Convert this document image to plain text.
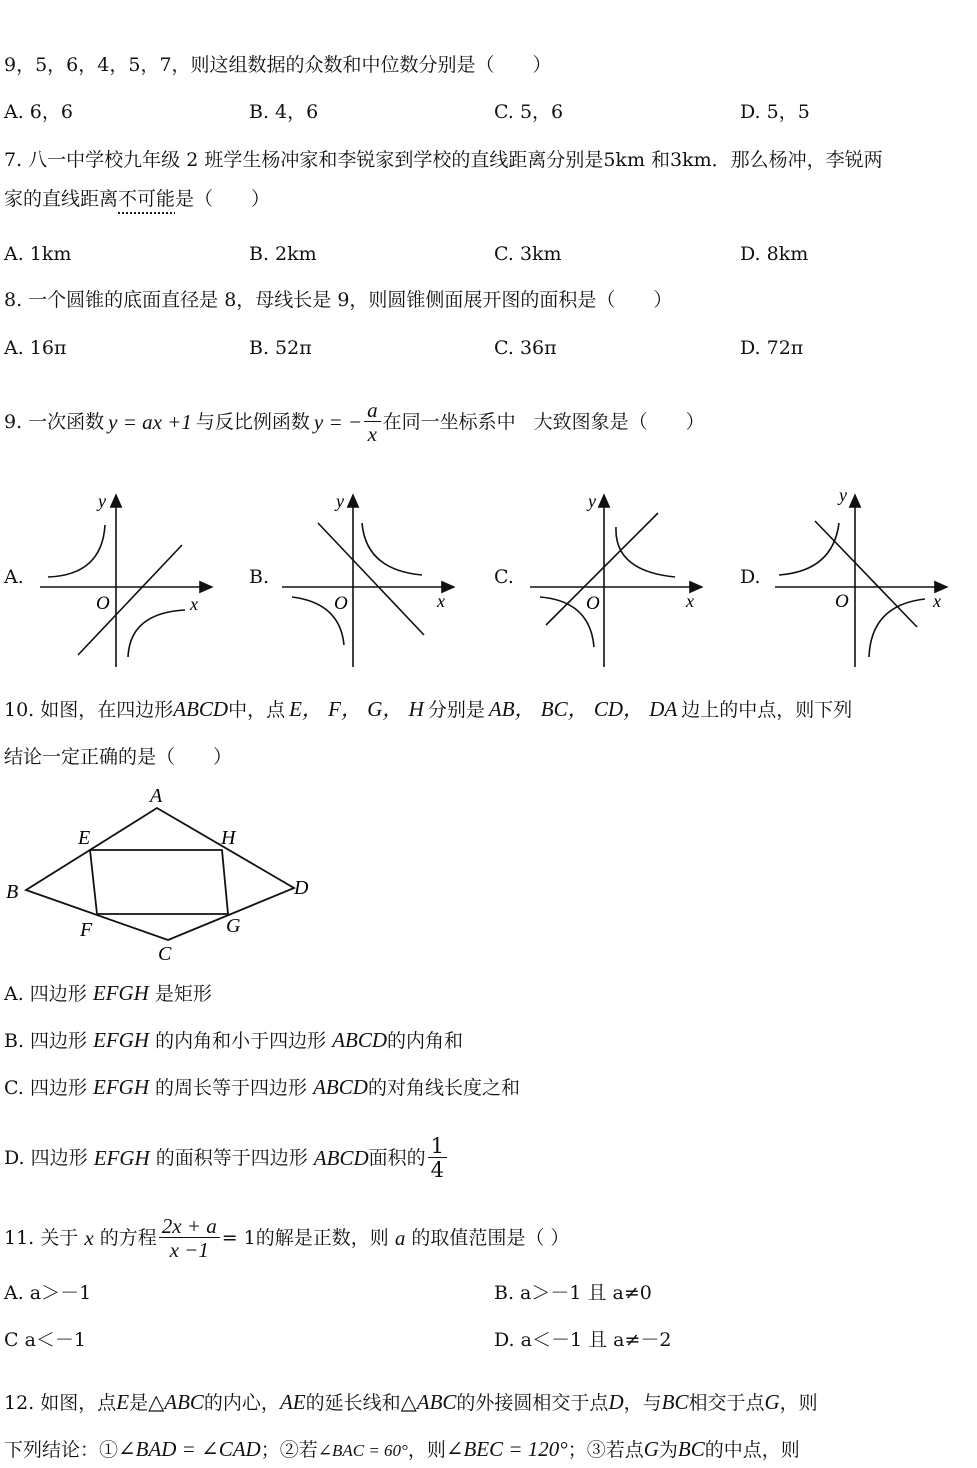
9，5，6，4，5，7，则这组数据的众数和中位数分别是（　　）
A. 6，6	B. 4，6	C. 5，6	D. 5，5
7. 八一中学校九年级 2 班学生杨冲家和李锐家到学校的直线距离分别是5km 和3km．那么杨冲，李锐两
家的直线距离不可能是（　　）
A. 1km	B. 2km	C. 3km	D. 8km
8. 一个圆锥的底面直径是 8，母线长是 9，则圆锥侧面展开图的面积是（　　）
A. 16π	B. 52π	C. 36π	D. 72π
9. 一次函数 y = ax +1 与反比例函数 y = − $\frac{a}{x}$ 在同一坐标系中 大致图象是（　　）
A.	B.	C.	D.
y
x
O
y
x
O
y
x
O
y
x
O
10. 如图，在四边形ABCD中，点 E， F， G， H 分别是 AB， BC， CD， DA 边上的中点，则下列
结论一定正确的是（　　）
A
B
C
D
E
F	G
H
A. 四边形 EFGH 是矩形
B. 四边形 EFGH 的内角和小于四边形 ABCD的内角和
C. 四边形 EFGH 的周长等于四边形 ABCD的对角线长度之和
D. 四边形
EFGH
的面积等于四边形
ABCD 面积的 $\frac{1}{4}$
11. 关于
x
的方程 $\frac{2x + a}{x -1} = 1$的解是正数，则
a
的取值范围是（ ）
A. a＞－1	B. a＞－1 且 a≠0
C a＜－1	D. a＜－1 且 a≠－2
12. 如图，点E是△ABC的内心，AE的延长线和△ABC的外接圆相交于点D，与BC相交于点G，则
下列结论：①∠BAD = ∠CAD；②若∠BAC = 60°，则∠BEC = 120°；③若点G为BC的中点，则
